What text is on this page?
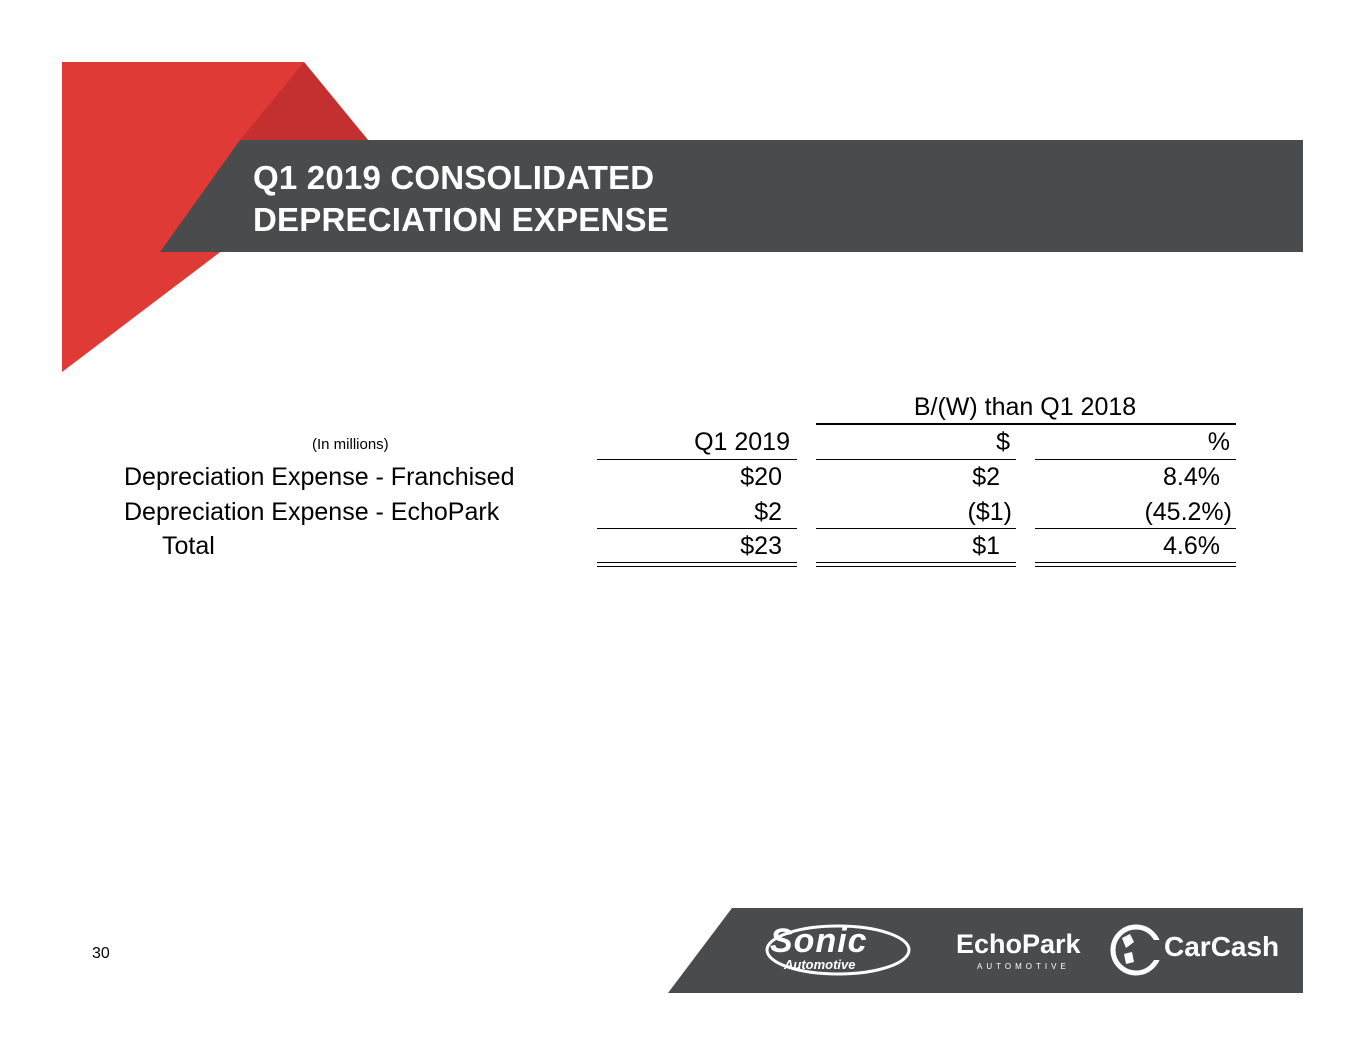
Q1 2019 CONSOLIDATED
DEPRECIATION EXPENSE
B/(W) than Q1 2018
(In millions)	Q1 2019	$	%
Depreciation Expense - Franchised	$20	$2	8.4%
Depreciation Expense - EchoPark	$2	($1)	(45.2%)
Total	$23	$1	4.6%
30	Sonic
Automotive
EchoPark
AUTOMOTIVE
CarCash
